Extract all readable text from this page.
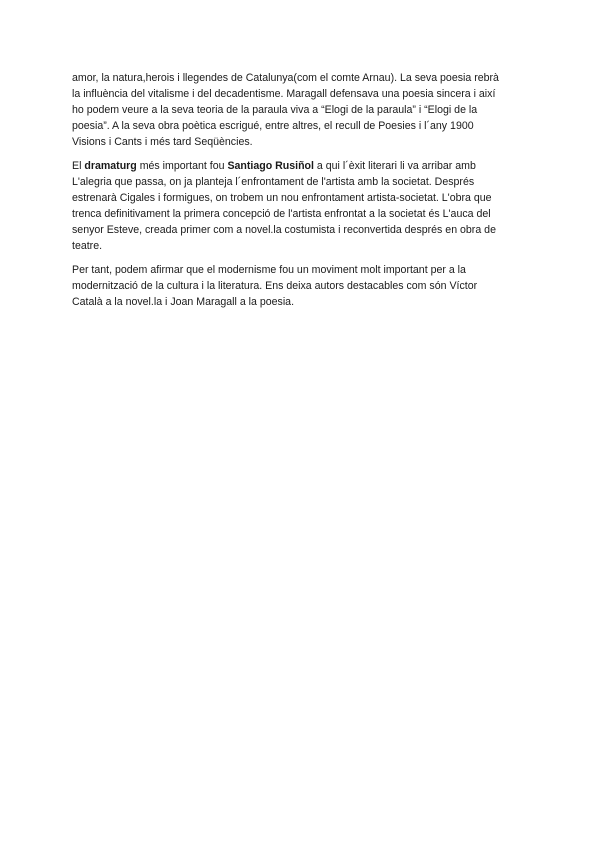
amor, la natura,herois i llegendes de Catalunya(com el comte Arnau). La seva poesia rebrà
la influència del vitalisme i del decadentisme. Maragall defensava una poesia sincera i així
ho podem veure a la seva teoria de la paraula viva a “Elogi de la paraula” i “Elogi de la
poesia”. A la seva obra poètica escrigué, entre altres, el recull de Poesies i l´any 1900
Visions i Cants i més tard Seqüències.
El dramaturg més important fou Santiago Rusiñol a qui l´èxit literari li va arribar amb
L'alegria que passa, on ja planteja l´enfrontament de l'artista amb la societat. Després
estrenarà Cigales i formigues, on trobem un nou enfrontament artista-societat. L'obra que
trenca definitivament la primera concepció de l'artista enfrontat a la societat és L'auca del
senyor Esteve, creada primer com a novel.la costumista i reconvertida després en obra de
teatre.
Per tant, podem afirmar que el modernisme fou un moviment molt important per a la
modernització de la cultura i la literatura. Ens deixa autors destacables com són Víctor
Català a la novel.la i Joan Maragall a la poesia.
